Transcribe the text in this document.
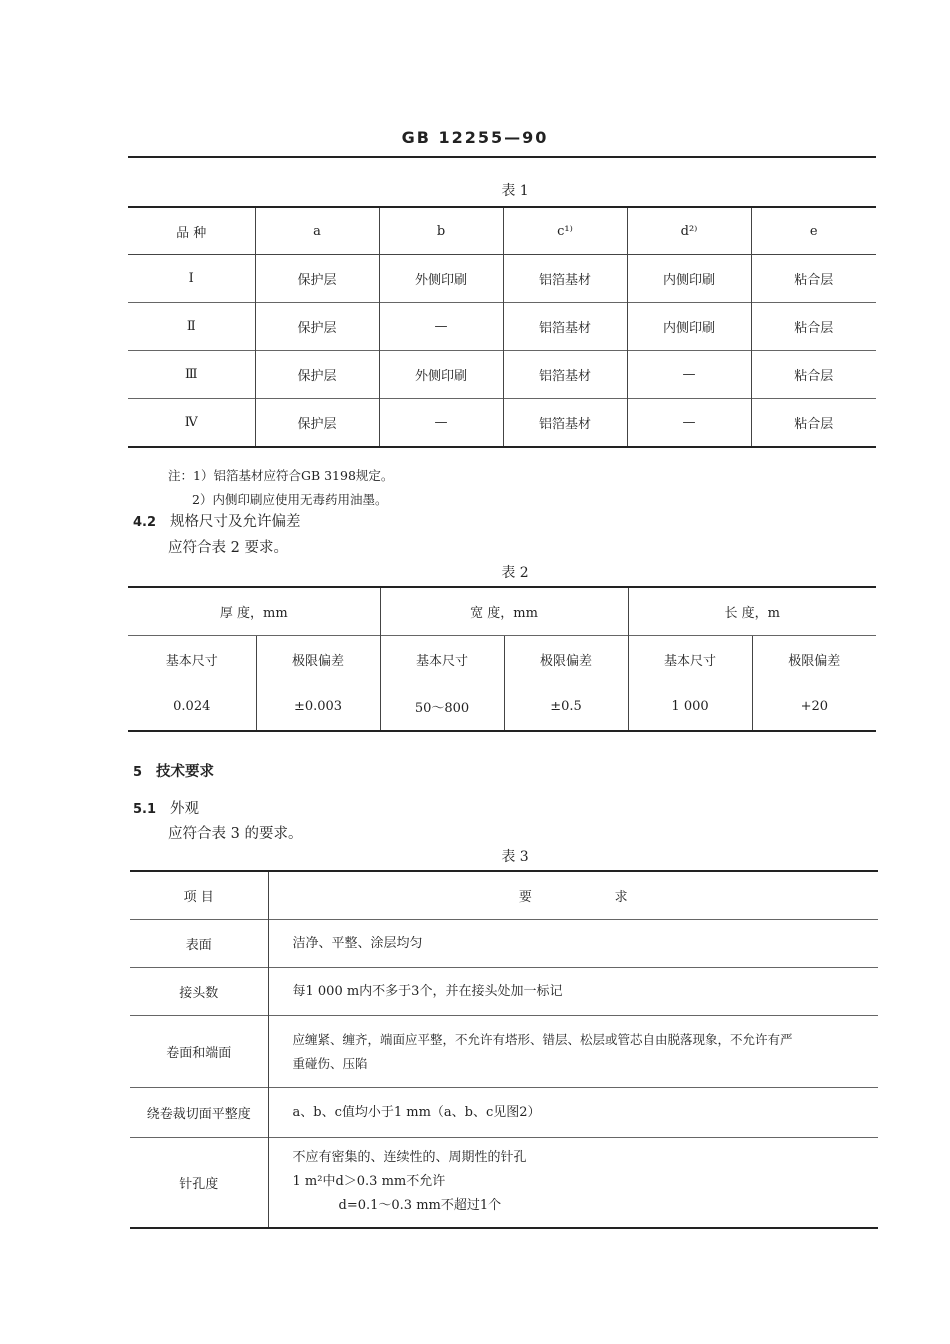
GB 12255—90
表 1
品 种	a	b	c¹⁾	d²⁾	e
Ⅰ	保护层	外侧印刷	铝箔基材	内侧印刷	粘合层
Ⅱ	保护层	—	铝箔基材	内侧印刷	粘合层
Ⅲ	保护层	外侧印刷	铝箔基材	—	粘合层
Ⅳ	保护层	—	铝箔基材	—	粘合层
注：1）铝箔基材应符合GB 3198规定。
2）内侧印刷应使用无毒药用油墨。
4.2 规格尺寸及允许偏差
应符合表 2 要求。
表 2
厚 度，mm		宽 度，mm		长 度，m	
基本尺寸	极限偏差	基本尺寸	极限偏差	基本尺寸	极限偏差
0.024	±0.003	50～800	±0.5	1 000	+20
5 技术要求
5.1 外观
应符合表 3 的要求。
表 3
项 目	要                    求
表面	洁净、平整、涂层均匀

接头数	每1 000 m内不多于3个，并在接头处加一标记

卷面和端面	应缠紧、缠齐，端面应平整，不允许有塔形、错层、松层或管芯自由脱落现象，不允许有严
重碰伤、压陷

绕卷裁切面平整度	a、b、c值均小于1 mm（a、b、c见图2）

针孔度	不应有密集的、连续性的、周期性的针孔
1 m²中d＞0.3 mm不允许
d=0.1～0.3 mm不超过1个
